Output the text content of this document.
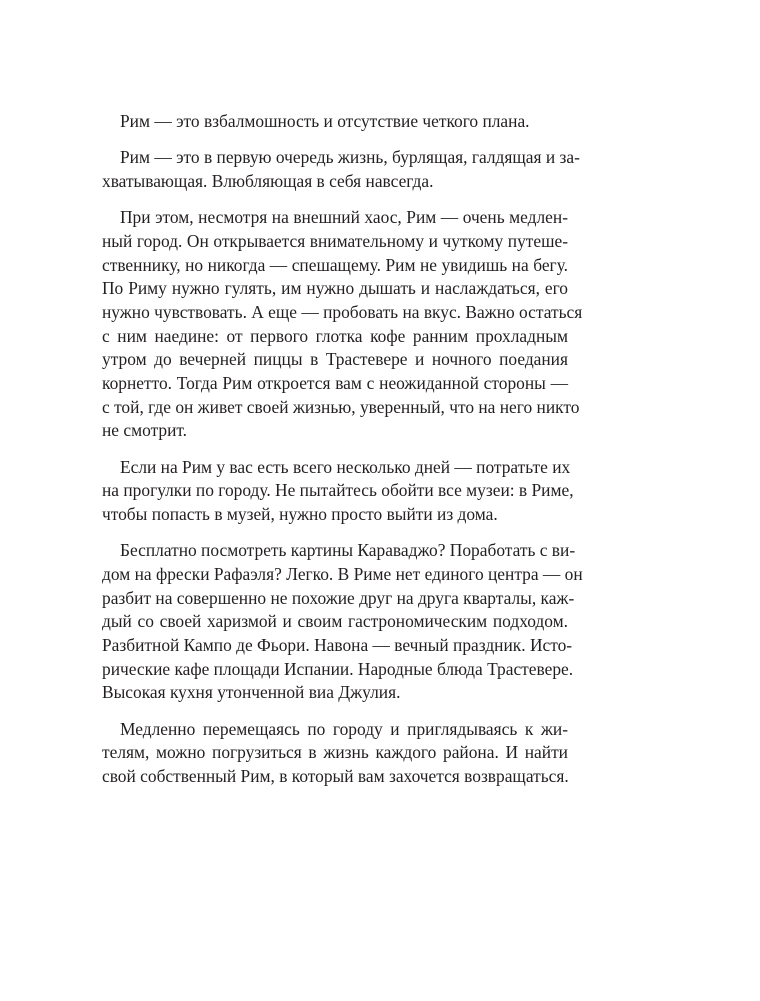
Рим — это взбалмошность и отсутствие четкого плана.

Рим — это в первую очередь жизнь, бурлящая, галдящая и за-
хватывающая. Влюбляющая в себя навсегда.

При этом, несмотря на внешний хаос, Рим — очень медлен-
ный город. Он открывается внимательному и чуткому путеше-
ственнику, но никогда — спешащему. Рим не увидишь на бегу.
По Риму нужно гулять, им нужно дышать и наслаждаться, его
нужно чувствовать. А еще — пробовать на вкус. Важно остаться
с ним наедине: от первого глотка кофе ранним прохладным
утром до вечерней пиццы в Трастевере и ночного поедания
корнетто. Тогда Рим откроется вам с неожиданной стороны —
с той, где он живет своей жизнью, уверенный, что на него никто
не смотрит.

Если на Рим у вас есть всего несколько дней — потратьте их
на прогулки по городу. Не пытайтесь обойти все музеи: в Риме,
чтобы попасть в музей, нужно просто выйти из дома.

Бесплатно посмотреть картины Караваджо? Поработать с ви-
дом на фрески Рафаэля? Легко. В Риме нет единого центра — он
разбит на совершенно не похожие друг на друга кварталы, каж-
дый со своей харизмой и своим гастрономическим подходом.
Разбитной Кампо де Фьори. Навона — вечный праздник. Исто-
рические кафе площади Испании. Народные блюда Трастевере.
Высокая кухня утонченной виа Джулия.

Медленно перемещаясь по городу и приглядываясь к жи-
телям, можно погрузиться в жизнь каждого района. И найти
свой собственный Рим, в который вам захочется возвращаться.
